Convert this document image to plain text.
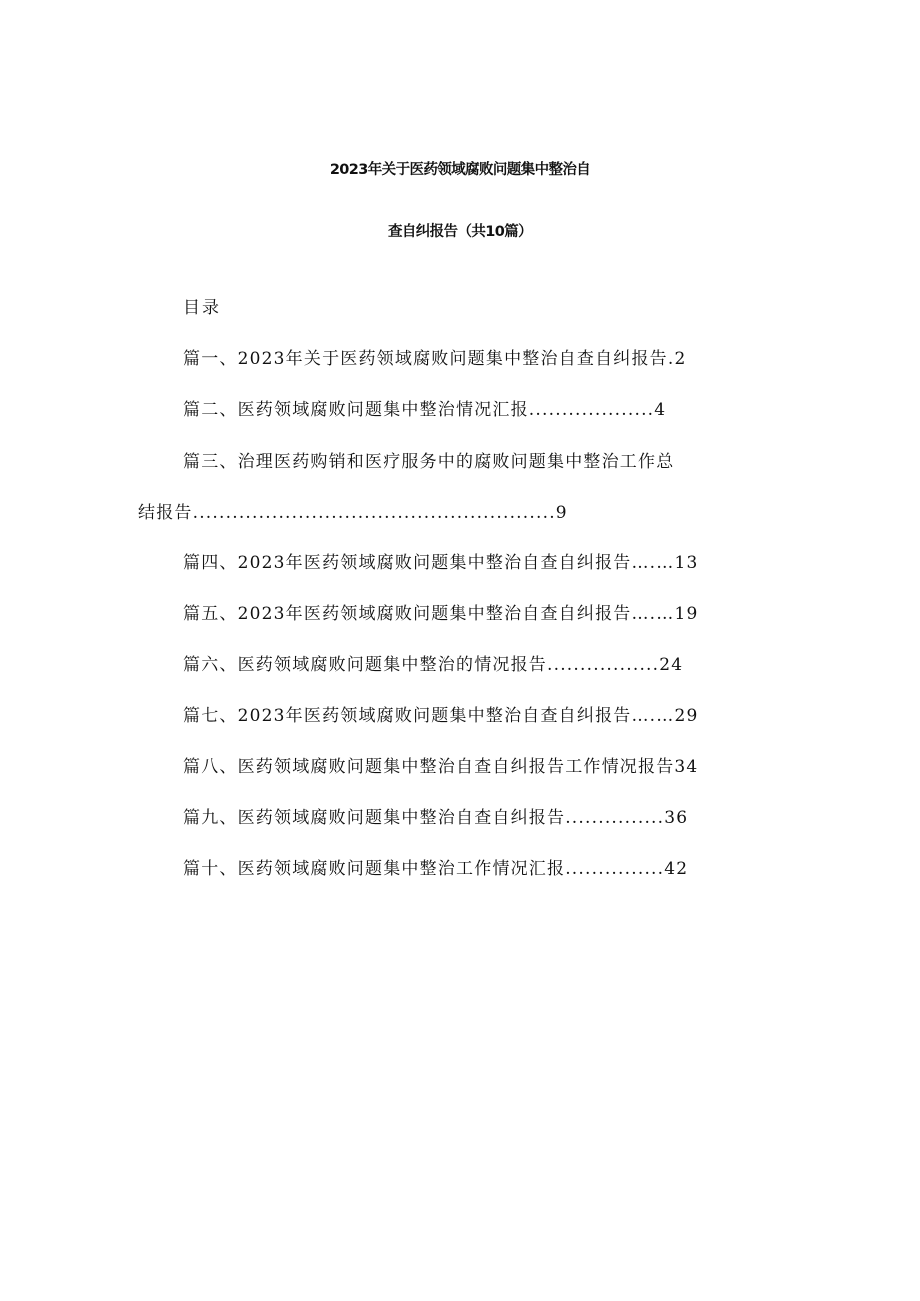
2023年关于医药领域腐败问题集中整治自
查自纠报告（共10篇）
目录
篇一、2023年关于医药领域腐败问题集中整治自查自纠报告.2
篇二、医药领域腐败问题集中整治情况汇报...................4
篇三、治理医药购销和医疗服务中的腐败问题集中整治工作总
结报告.......................................................9
篇四、2023年医药领域腐败问题集中整治自查自纠报告….…13
篇五、2023年医药领域腐败问题集中整治自查自纠报告….…19
篇六、医药领域腐败问题集中整治的情况报告.................24
篇七、2023年医药领域腐败问题集中整治自查自纠报告….…29
篇八、医药领域腐败问题集中整治自查自纠报告工作情况报告34
篇九、医药领域腐败问题集中整治自查自纠报告...............36
篇十、医药领域腐败问题集中整治工作情况汇报...............42
